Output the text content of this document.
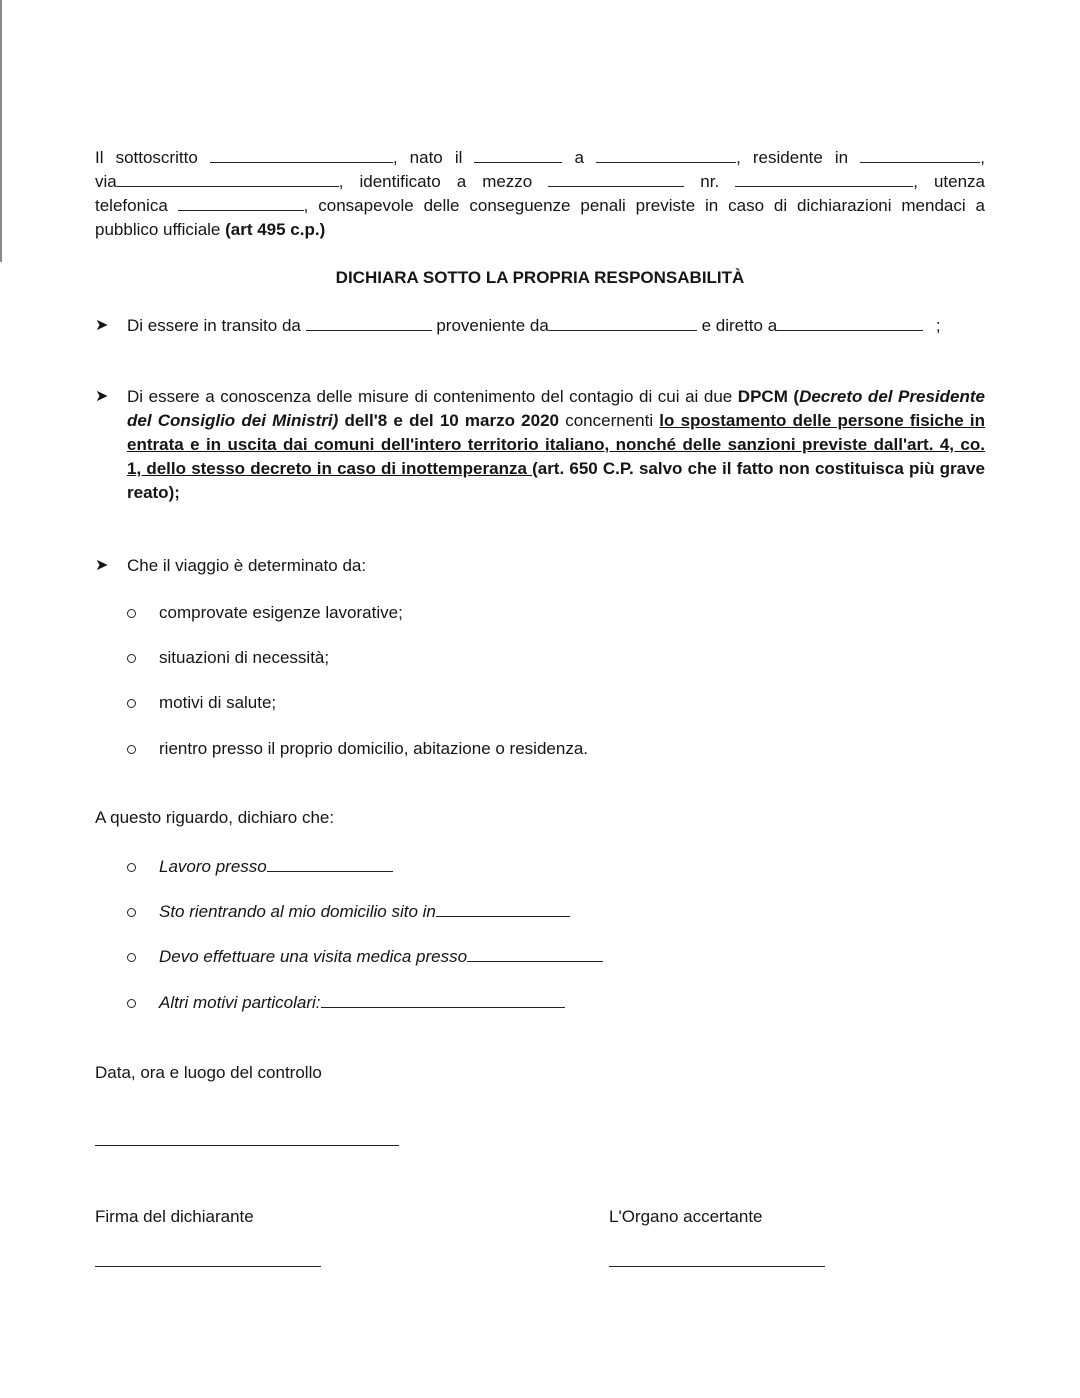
Il sottoscritto	, nato il	a	, residente in	,
via	, identificato a mezzo	nr.	, utenza
telefonica	, consapevole delle conseguenze penali previste in caso di dichiarazioni mendaci a
pubblico ufficiale (art 495 c.p.)
DICHIARA SOTTO LA PROPRIA RESPONSABILITÀ
➤ Di essere in transito da	proveniente da	e diretto a	;
➤ Di essere a conoscenza delle misure di contenimento del contagio di cui ai due DPCM (Decreto del Presidente
del Consiglio dei Ministri) dell'8 e del 10 marzo 2020 concernenti lo spostamento delle persone fisiche in
entrata e in uscita dai comuni dell'intero territorio italiano, nonché delle sanzioni previste dall'art. 4, co.
1, dello stesso decreto in caso di inottemperanza (art. 650 C.P. salvo che il fatto non costituisca più grave
reato);
➤ Che il viaggio è determinato da:
comprovate esigenze lavorative;
situazioni di necessità;
motivi di salute;
rientro presso il proprio domicilio, abitazione o residenza.
A questo riguardo, dichiaro che:
Lavoro presso
Sto rientrando al mio domicilio sito in
Devo effettuare una visita medica presso
Altri motivi particolari:
Data, ora e luogo del controllo
Firma del dichiarante	L'Organo accertante
